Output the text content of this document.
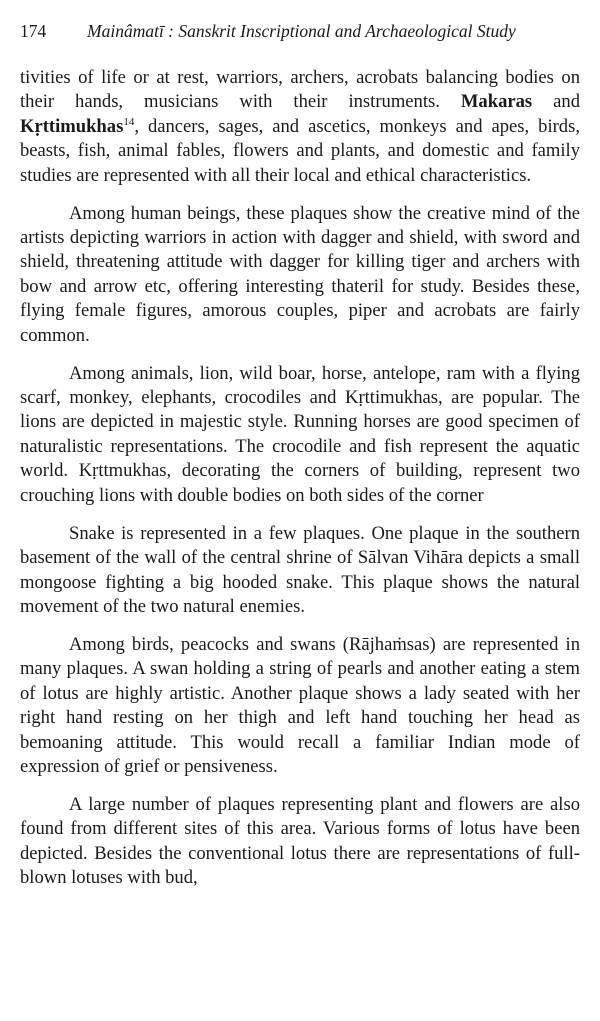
174 Mainâmatī : Sanskrit Inscriptional and Archaeological Study

tivities of life or at rest, warriors, archers, acrobats balancing bodies on their hands, musicians with their instruments. Makaras and Kṛttimukhas$^{14}$, dancers, sages, and ascetics, monkeys and apes, birds, beasts, fish, animal fables, flowers and plants, and domestic and family studies are represented with all their local and ethical characteristics.

Among human beings, these plaques show the creative mind of the artists depicting warriors in action with dagger and shield, with sword and shield, threatening attitude with dagger for killing tiger and archers with bow and arrow etc, offering interesting thateril for study. Besides these, flying female figures, amorous couples, piper and acrobats are fairly common.

Among animals, lion, wild boar, horse, antelope, ram with a flying scarf, monkey, elephants, crocodiles and Kṛttimukhas, are popular. The lions are depicted in majestic style. Running horses are good specimen of naturalistic representations. The crocodile and fish represent the aquatic world. Kṛttmukhas, decorating the corners of building, represent two crouching lions with double bodies on both sides of the corner

Snake is represented in a few plaques. One plaque in the southern basement of the wall of the central shrine of Sālvan Vihāra depicts a small mongoose fighting a big hooded snake. This plaque shows the natural movement of the two natural enemies.

Among birds, peacocks and swans (Rājhaṁsas) are represented in many plaques. A swan holding a string of pearls and another eating a stem of lotus are highly artistic. Another plaque shows a lady seated with her right hand resting on her thigh and left hand touching her head as bemoaning attitude. This would recall a familiar Indian mode of expression of grief or pensiveness.

A large number of plaques representing plant and flowers are also found from different sites of this area. Various forms of lotus have been depicted. Besides the conventional lotus there are representations of full- blown lotuses with bud,
